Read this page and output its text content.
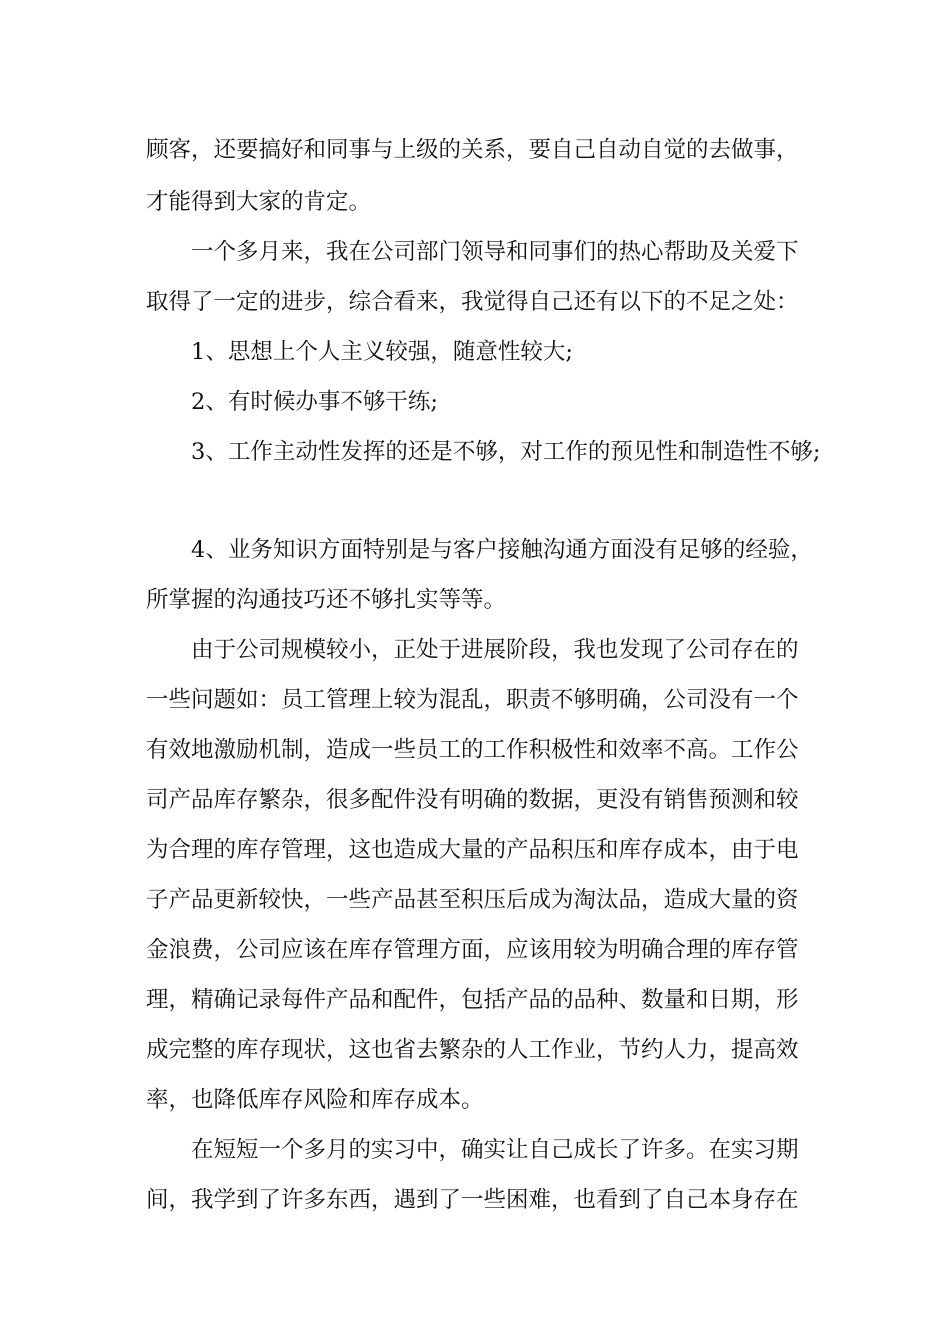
顾客，还要搞好和同事与上级的关系，要自己自动自觉的去做事，
才能得到大家的肯定。
一个多月来，我在公司部门领导和同事们的热心帮助及关爱下
取得了一定的进步，综合看来，我觉得自己还有以下的不足之处：
1、思想上个人主义较强，随意性较大;
2、有时候办事不够干练;
3、工作主动性发挥的还是不够，对工作的预见性和制造性不够;
4、业务知识方面特别是与客户接触沟通方面没有足够的经验，
所掌握的沟通技巧还不够扎实等等。
由于公司规模较小，正处于进展阶段，我也发现了公司存在的
一些问题如：员工管理上较为混乱，职责不够明确，公司没有一个
有效地激励机制，造成一些员工的工作积极性和效率不高。工作公
司产品库存繁杂，很多配件没有明确的数据，更没有销售预测和较
为合理的库存管理，这也造成大量的产品积压和库存成本，由于电
子产品更新较快，一些产品甚至积压后成为淘汰品，造成大量的资
金浪费，公司应该在库存管理方面，应该用较为明确合理的库存管
理，精确记录每件产品和配件，包括产品的品种、数量和日期，形
成完整的库存现状，这也省去繁杂的人工作业，节约人力，提高效
率，也降低库存风险和库存成本。
在短短一个多月的实习中，确实让自己成长了许多。在实习期
间，我学到了许多东西，遇到了一些困难，也看到了自己本身存在
